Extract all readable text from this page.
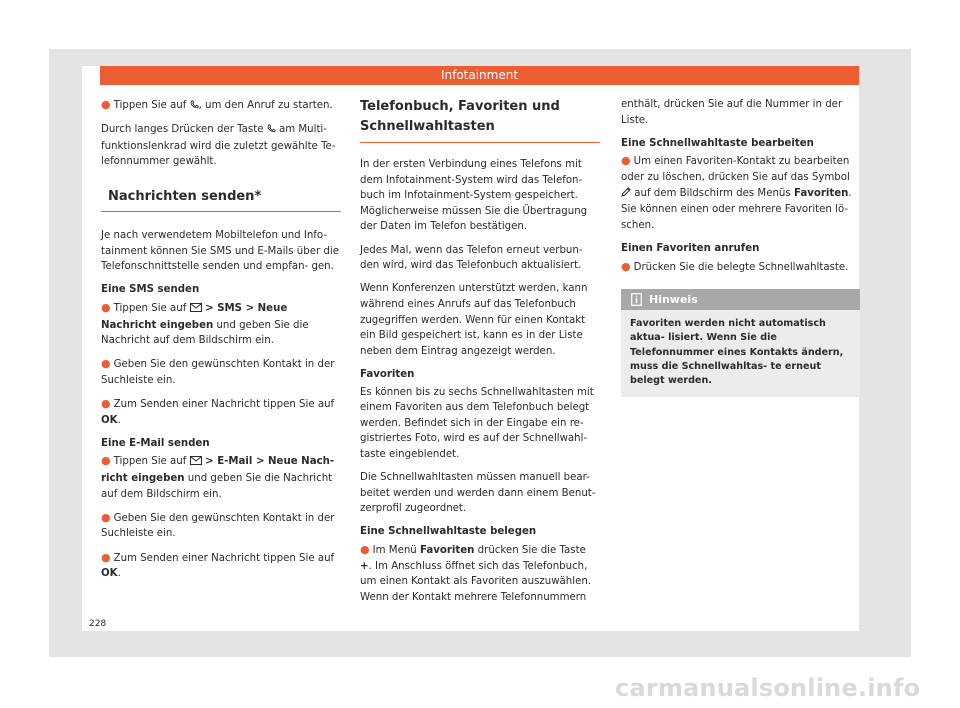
Infotainment

● Tippen Sie auf , um den Anruf zu starten.

Durch langes Drücken der Taste  am Multi- funktionslenkrad wird die zuletzt gewählte Te- lefonnummer gewählt.

Nachrichten senden*

Je nach verwendetem Mobiltelefon und Info- tainment können Sie SMS und E-Mails über die Telefonschnittstelle senden und empfan- gen.

Eine SMS senden

● Tippen Sie auf  > SMS > Neue Nachricht eingeben und geben Sie die Nachricht auf dem Bildschirm ein.

● Geben Sie den gewünschten Kontakt in der Suchleiste ein.

● Zum Senden einer Nachricht tippen Sie auf OK.

Eine E-Mail senden

● Tippen Sie auf  > E-Mail > Neue Nach- richt eingeben und geben Sie die Nachricht auf dem Bildschirm ein.

● Geben Sie den gewünschten Kontakt in der Suchleiste ein.

● Zum Senden einer Nachricht tippen Sie auf OK.

Telefonbuch, Favoriten und Schnellwahltasten

In der ersten Verbindung eines Telefons mit dem Infotainment-System wird das Telefon- buch im Infotainment-System gespeichert. Möglicherweise müssen Sie die Übertragung der Daten im Telefon bestätigen.

Jedes Mal, wenn das Telefon erneut verbun- den wird, wird das Telefonbuch aktualisiert.

Wenn Konferenzen unterstützt werden, kann während eines Anrufs auf das Telefonbuch zugegriffen werden. Wenn für einen Kontakt ein Bild gespeichert ist, kann es in der Liste neben dem Eintrag angezeigt werden.

Favoriten

Es können bis zu sechs Schnellwahltasten mit einem Favoriten aus dem Telefonbuch belegt werden. Befindet sich in der Eingabe ein re- gistriertes Foto, wird es auf der Schnellwahl- taste eingeblendet.

Die Schnellwahltasten müssen manuell bear- beitet werden und werden dann einem Benut- zerprofil zugeordnet.

Eine Schnellwahltaste belegen

● Im Menü Favoriten drücken Sie die Taste +. Im Anschluss öffnet sich das Telefonbuch, um einen Kontakt als Favoriten auszuwählen. Wenn der Kontakt mehrere Telefonnummern

enthält, drücken Sie auf die Nummer in der Liste.

Eine Schnellwahltaste bearbeiten

● Um einen Favoriten-Kontakt zu bearbeiten oder zu löschen, drücken Sie auf das Symbol  auf dem Bildschirm des Menüs Favoriten. Sie können einen oder mehrere Favoriten lö- schen.

Einen Favoriten anrufen

● Drücken Sie die belegte Schnellwahltaste.

Hinweis
Favoriten werden nicht automatisch aktua- lisiert. Wenn Sie die Telefonnummer eines Kontakts ändern, muss die Schnellwahltas- te erneut belegt werden.
228
carmanualsonline.info
